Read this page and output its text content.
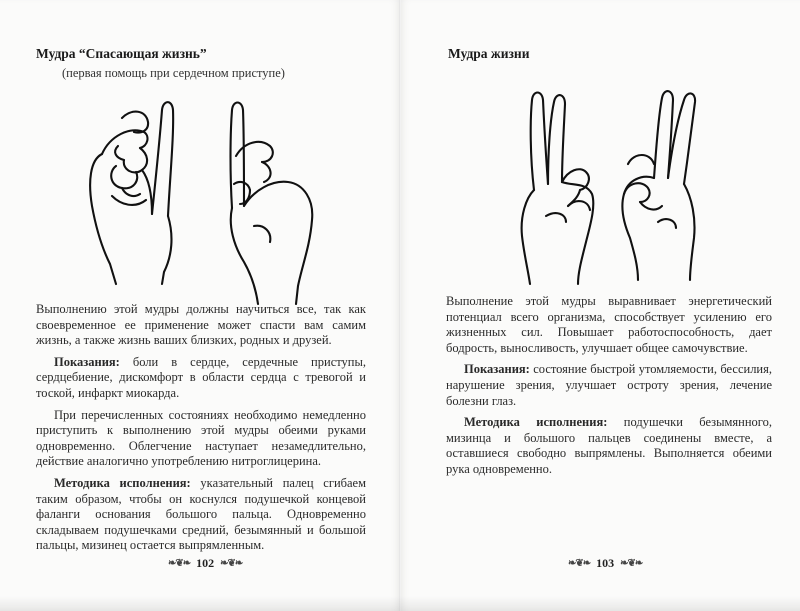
Мудра “Спасающая жизнь”
(первая помощь при сердечном приступе)

Выполнению этой мудры должны научиться все, так как своевременное ее применение может спасти вам самим жизнь, а также жизнь ваших близких, родных и друзей.

Показания: боли в сердце, сердечные приступы, сердцебиение, дискомфорт в области сердца с тревогой и тоской, инфаркт миокарда.

При перечисленных состояниях необходимо немедленно приступить к выполнению этой мудры обеими руками одновременно. Облегчение наступает незамедлительно, действие аналогично употреблению нитроглицерина.

Методика исполнения: указательный палец сгибаем таким образом, чтобы он коснулся подушечкой концевой фаланги основания большого пальца. Одновременно складываем подушечками средний, безымянный и большой пальцы, мизинец остается выпрямленным.

❧❦❧ 102 ❧❦❧
Мудра жизни

Выполнение этой мудры выравнивает энергетический потенциал всего организма, способствует усилению его жизненных сил. Повышает работоспособность, дает бодрость, выносливость, улучшает общее самочувствие.

Показания: состояние быстрой утомляемости, бессилия, нарушение зрения, улучшает остроту зрения, лечение болезни глаз.

Методика исполнения: подушечки безымянного, мизинца и большого пальцев соединены вместе, а оставшиеся свободно выпрямлены. Выполняется обеими рука одновременно.

❧❦❧ 103 ❧❦❧
